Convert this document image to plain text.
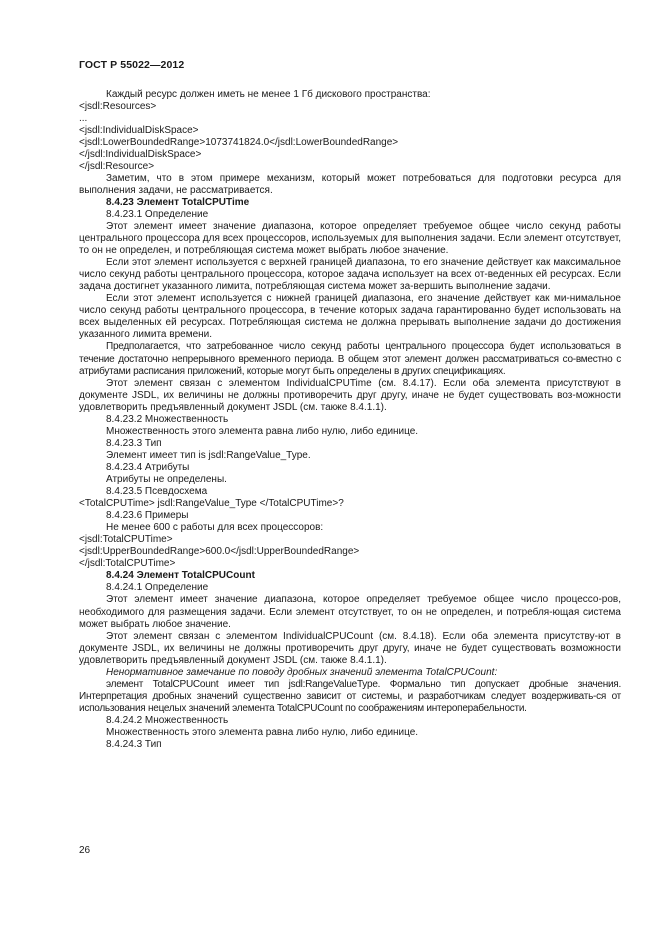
ГОСТ Р 55022—2012

Каждый ресурс должен иметь не менее 1 Гб дискового пространства:

<jsdl:Resources>

...

<jsdl:IndividualDiskSpace>

<jsdl:LowerBoundedRange>1073741824.0</jsdl:LowerBoundedRange>

</jsdl:IndividualDiskSpace>

</jsdl:Resource>

Заметим, что в этом примере механизм, который может потребоваться для подготовки ресурса для выполнения задачи, не рассматривается.

8.4.23 Элемент TotalCPUTime

8.4.23.1 Определение

Этот элемент имеет значение диапазона, которое определяет требуемое общее число секунд работы центрального процессора для всех процессоров, используемых для выполнения задачи. Если элемент отсутствует, то он не определен, и потребляющая система может выбрать любое значение.

Если этот элемент используется с верхней границей диапазона, то его значение действует как максимальное число секунд работы центрального процессора, которое задача использует на всех от-веденных ей ресурсах. Если задача достигнет указанного лимита, потребляющая система может за-вершить выполнение задачи.

Если этот элемент используется с нижней границей диапазона, его значение действует как ми-нимальное число секунд работы центрального процессора, в течение которых задача гарантированно будет использовать на всех выделенных ей ресурсах. Потребляющая система не должна прерывать выполнение задачи до достижения указанного лимита времени.

Предполагается, что затребованное число секунд работы центрального процессора будет использоваться в течение достаточно непрерывного временного периода. В общем этот элемент должен рассматриваться со-вместно с атрибутами расписания приложений, которые могут быть определены в других спецификациях.

Этот элемент связан с элементом IndividualCPUTime (см. 8.4.17). Если оба элемента присутствуют в документе JSDL, их величины не должны противоречить друг другу, иначе не будет существовать воз-можности удовлетворить предъявленный документ JSDL (см. также 8.4.1.1).

8.4.23.2 Множественность

Множественность этого элемента равна либо нулю, либо единице.

8.4.23.3 Тип

Элемент имеет тип is jsdl:RangeValue_Type.

8.4.23.4 Атрибуты

Атрибуты не определены.

8.4.23.5 Псевдосхема

<TotalCPUTime> jsdl:RangeValue_Type </TotalCPUTime>?

8.4.23.6 Примеры

Не менее 600 с работы для всех процессоров:

<jsdl:TotalCPUTime>

<jsdl:UpperBoundedRange>600.0</jsdl:UpperBoundedRange>

</jsdl:TotalCPUTime>

8.4.24 Элемент TotalCPUCount

8.4.24.1 Определение

Этот элемент имеет значение диапазона, которое определяет требуемое общее число процессо-ров, необходимого для размещения задачи. Если элемент отсутствует, то он не определен, и потребля-ющая система может выбрать любое значение.

Этот элемент связан с элементом IndividualCPUCount (см. 8.4.18). Если оба элемента присутству-ют в документе JSDL, их величины не должны противоречить друг другу, иначе не будет существовать возможности удовлетворить предъявленный документ JSDL (см. также 8.4.1.1).

Ненормативное замечание по поводу дробных значений элемента TotalCPUCount:

элемент TotalCPUCount имеет тип jsdl:RangeValueType. Формально тип допускает дробные значения. Интерпретация дробных значений существенно зависит от системы, и разработчикам следует воздерживать-ся от использования нецелых значений элемента TotalCPUCount по соображениям интероперабельности.

8.4.24.2 Множественность

Множественность этого элемента равна либо нулю, либо единице.

8.4.24.3 Тип

26
